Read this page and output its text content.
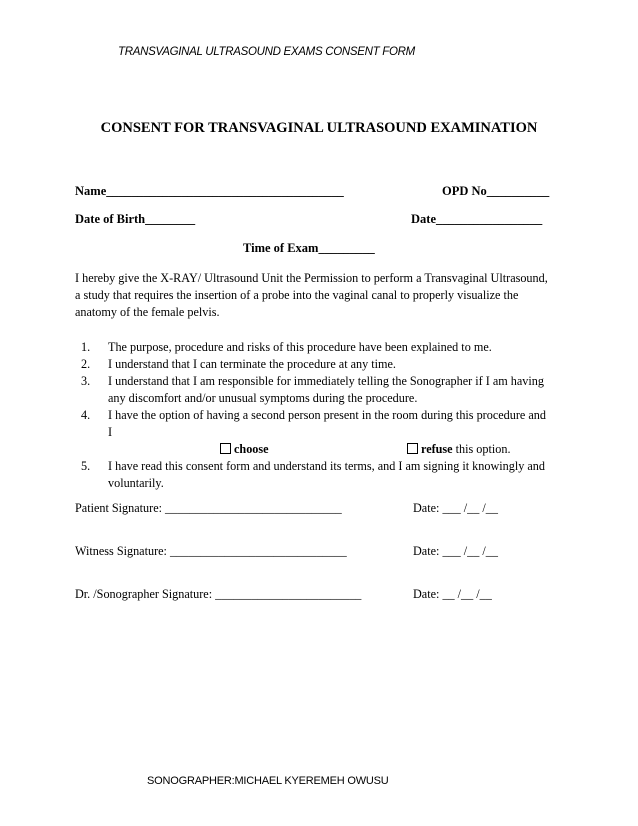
TRANSVAGINAL ULTRASOUND EXAMS CONSENT FORM
CONSENT FOR TRANSVAGINAL ULTRASOUND EXAMINATION
Name______________________________________	OPD No__________
Date of Birth________	Date_________________
Time of Exam_________
I hereby give the X-RAY/ Ultrasound Unit the Permission to perform a Transvaginal Ultrasound,
a study that requires the insertion of a probe into the vaginal canal to properly visualize the
anatomy of the female pelvis.
1. The purpose, procedure and risks of this procedure have been explained to me.
2. I understand that I can terminate the procedure at any time.
3. I understand that I am responsible for immediately telling the Sonographer if I am having
any discomfort and/or unusual symptoms during the procedure.
4. I have the option of having a second person present in the room during this procedure and
I
choose	refuse this option.
5. I have read this consent form and understand its terms, and I am signing it knowingly and
voluntarily.
Patient Signature: _____________________________	Date: ___ /__ /__
Witness Signature: _____________________________	Date: ___ /__ /__
Dr. /Sonographer Signature: ________________________	Date: __ /__ /__
SONOGRAPHER:MICHAEL KYEREMEH OWUSU
